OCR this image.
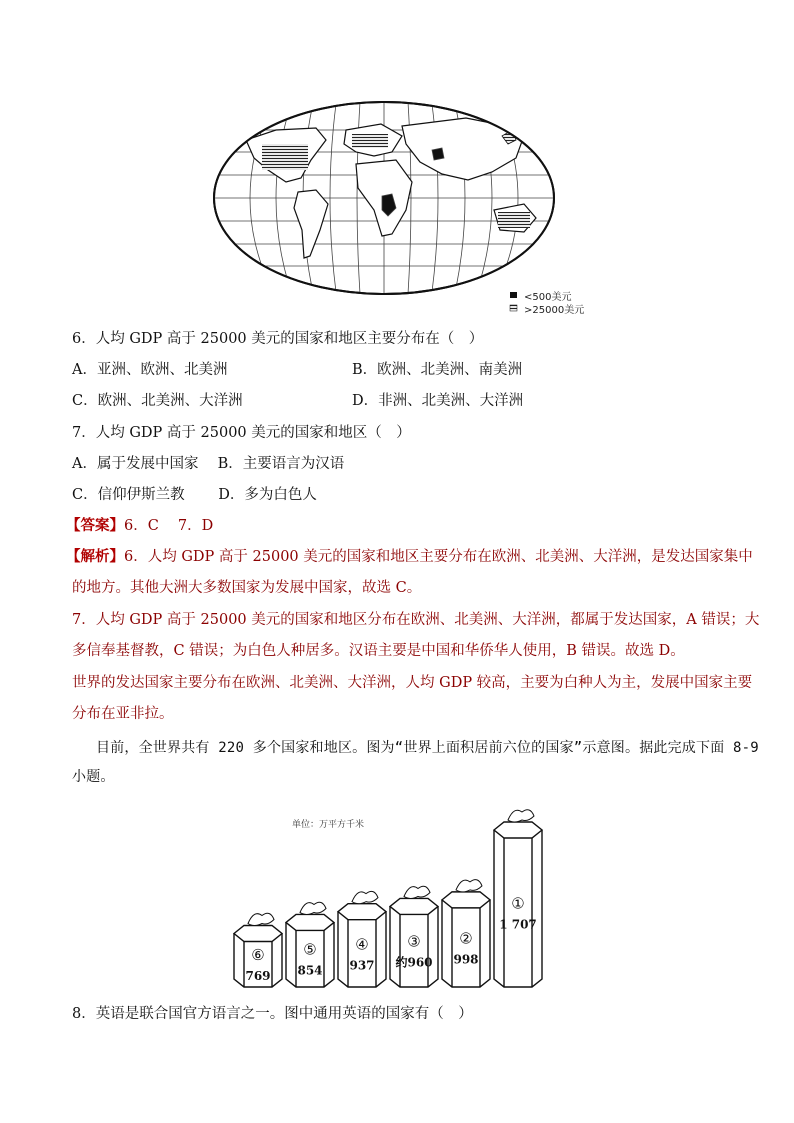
<500美元
>25000美元
6．人均 GDP 高于 25000 美元的国家和地区主要分布在（　）
A．亚洲、欧洲、北美洲	B．欧洲、北美洲、南美洲
C．欧洲、北美洲、大洋洲	D．非洲、北美洲、大洋洲
7．人均 GDP 高于 25000 美元的国家和地区（　）
A．属于发展中国家　 B．主要语言为汉语
C．信仰伊斯兰教　　 D．多为白色人
【答案】6．C　 7．D
【解析】6．人均 GDP 高于 25000 美元的国家和地区主要分布在欧洲、北美洲、大洋洲，是发达国家集中
的地方。其他大洲大多数国家为发展中国家，故选 C。
7．人均 GDP 高于 25000 美元的国家和地区分布在欧洲、北美洲、大洋洲，都属于发达国家，A 错误；大
多信奉基督教，C 错误；为白色人种居多。汉语主要是中国和华侨华人使用，B 错误。故选 D。
世界的发达国家主要分布在欧洲、北美洲、大洋洲，人均 GDP 较高，主要为白种人为主，发展中国家主要
分布在亚非拉。
目前，全世界共有 220 多个国家和地区。图为“世界上面积居前六位的国家”示意图。据此完成下面 8-9
小题。
单位：万平方千米
⑥
769
⑤
854
④
937
③
约960
②
998
①
1 707
8．英语是联合国官方语言之一。图中通用英语的国家有（　）
